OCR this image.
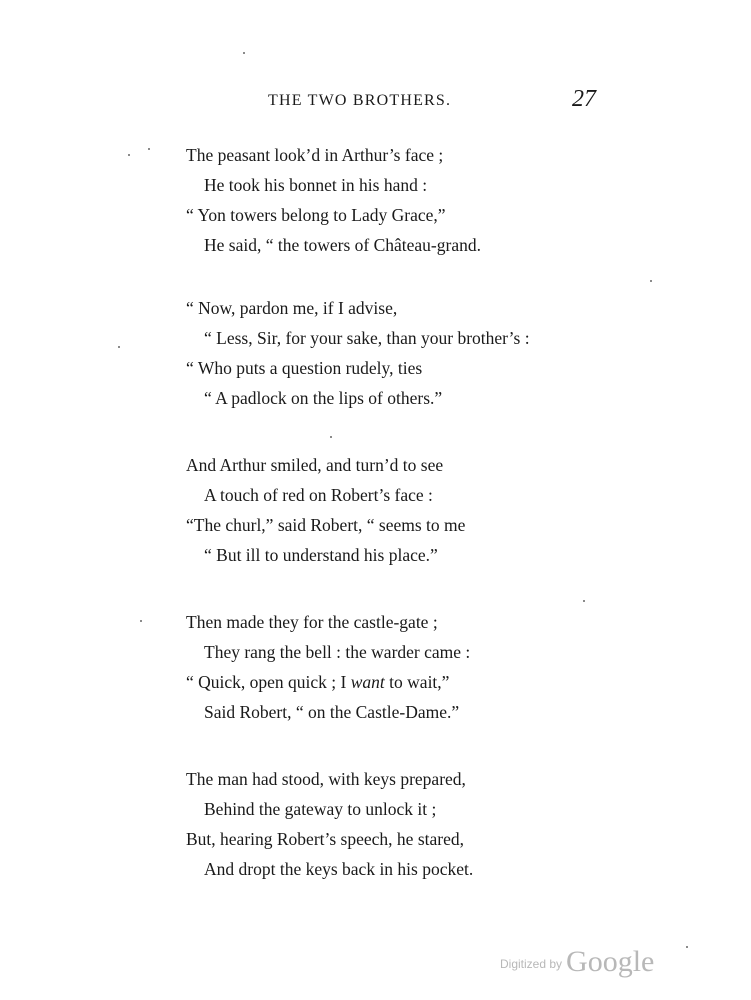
THE TWO BROTHERS.	27
The peasant look’d in Arthur’s face ;
He took his bonnet in his hand :
“ Yon towers belong to Lady Grace,”
He said, “ the towers of Château-grand.
“ Now, pardon me, if I advise,
“ Less, Sir, for your sake, than your brother’s :
“ Who puts a question rudely, ties
“ A padlock on the lips of others.”
And Arthur smiled, and turn’d to see
A touch of red on Robert’s face :
“The churl,” said Robert, “ seems to me
“ But ill to understand his place.”
Then made they for the castle-gate ;
They rang the bell : the warder came :
“ Quick, open quick ; I want to wait,”
Said Robert, “ on the Castle-Dame.”
The man had stood, with keys prepared,
Behind the gateway to unlock it ;
But, hearing Robert’s speech, he stared,
And dropt the keys back in his pocket.
Digitized by Google
